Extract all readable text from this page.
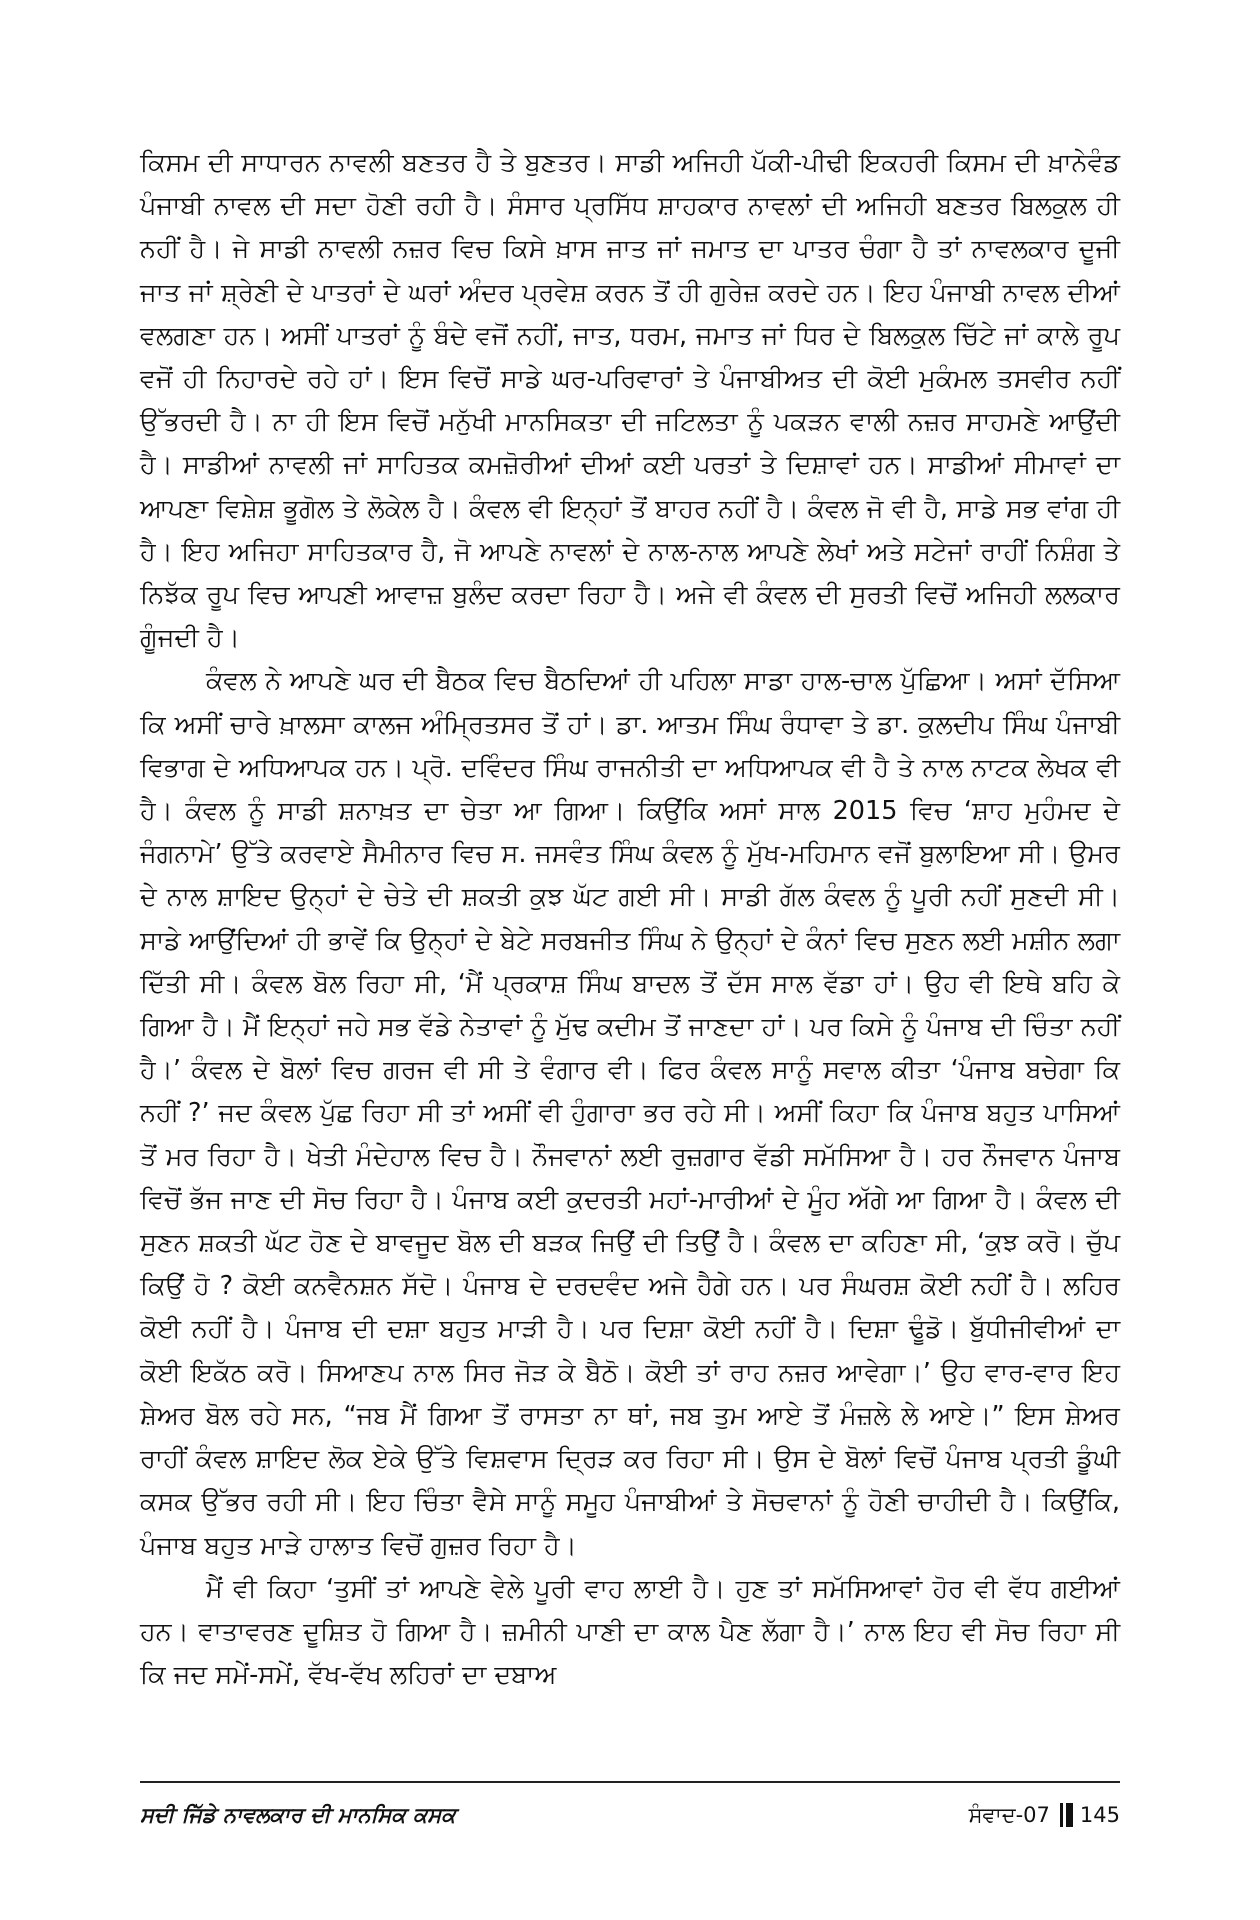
ਕਿਸਮ ਦੀ ਸਾਧਾਰਨ ਨਾਵਲੀ ਬਣਤਰ ਹੈ ਤੇ ਬੁਣਤਰ। ਸਾਡੀ ਅਜਿਹੀ ਪੱਕੀ-ਪੀਢੀ ਇਕਹਰੀ ਕਿਸਮ ਦੀ ਖ਼ਾਨੇਵੰਡ ਪੰਜਾਬੀ ਨਾਵਲ ਦੀ ਸਦਾ ਹੋਣੀ ਰਹੀ ਹੈ। ਸੰਸਾਰ ਪ੍ਰਸਿੱਧ ਸ਼ਾਹਕਾਰ ਨਾਵਲਾਂ ਦੀ ਅਜਿਹੀ ਬਣਤਰ ਬਿਲਕੁਲ ਹੀ ਨਹੀਂ ਹੈ। ਜੇ ਸਾਡੀ ਨਾਵਲੀ ਨਜ਼ਰ ਵਿਚ ਕਿਸੇ ਖ਼ਾਸ ਜਾਤ ਜਾਂ ਜਮਾਤ ਦਾ ਪਾਤਰ ਚੰਗਾ ਹੈ ਤਾਂ ਨਾਵਲਕਾਰ ਦੂਜੀ ਜਾਤ ਜਾਂ ਸ਼੍ਰੇਣੀ ਦੇ ਪਾਤਰਾਂ ਦੇ ਘਰਾਂ ਅੰਦਰ ਪ੍ਰਵੇਸ਼ ਕਰਨ ਤੋਂ ਹੀ ਗੁਰੇਜ਼ ਕਰਦੇ ਹਨ। ਇਹ ਪੰਜਾਬੀ ਨਾਵਲ ਦੀਆਂ ਵਲਗਣਾ ਹਨ। ਅਸੀਂ ਪਾਤਰਾਂ ਨੂੰ ਬੰਦੇ ਵਜੋਂ ਨਹੀਂ, ਜਾਤ, ਧਰਮ, ਜਮਾਤ ਜਾਂ ਧਿਰ ਦੇ ਬਿਲਕੁਲ ਚਿੱਟੇ ਜਾਂ ਕਾਲੇ ਰੂਪ ਵਜੋਂ ਹੀ ਨਿਹਾਰਦੇ ਰਹੇ ਹਾਂ। ਇਸ ਵਿਚੋਂ ਸਾਡੇ ਘਰ-ਪਰਿਵਾਰਾਂ ਤੇ ਪੰਜਾਬੀਅਤ ਦੀ ਕੋਈ ਮੁਕੰਮਲ ਤਸਵੀਰ ਨਹੀਂ ਉੱਭਰਦੀ ਹੈ। ਨਾ ਹੀ ਇਸ ਵਿਚੋਂ ਮਨੁੱਖੀ ਮਾਨਸਿਕਤਾ ਦੀ ਜਟਿਲਤਾ ਨੂੰ ਪਕੜਨ ਵਾਲੀ ਨਜ਼ਰ ਸਾਹਮਣੇ ਆਉਂਦੀ ਹੈ। ਸਾਡੀਆਂ ਨਾਵਲੀ ਜਾਂ ਸਾਹਿਤਕ ਕਮਜ਼ੋਰੀਆਂ ਦੀਆਂ ਕਈ ਪਰਤਾਂ ਤੇ ਦਿਸ਼ਾਵਾਂ ਹਨ। ਸਾਡੀਆਂ ਸੀਮਾਵਾਂ ਦਾ ਆਪਣਾ ਵਿਸ਼ੇਸ਼ ਭੂਗੋਲ ਤੇ ਲੋਕੇਲ ਹੈ। ਕੰਵਲ ਵੀ ਇਨ੍ਹਾਂ ਤੋਂ ਬਾਹਰ ਨਹੀਂ ਹੈ। ਕੰਵਲ ਜੋ ਵੀ ਹੈ, ਸਾਡੇ ਸਭ ਵਾਂਗ ਹੀ ਹੈ। ਇਹ ਅਜਿਹਾ ਸਾਹਿਤਕਾਰ ਹੈ, ਜੋ ਆਪਣੇ ਨਾਵਲਾਂ ਦੇ ਨਾਲ-ਨਾਲ ਆਪਣੇ ਲੇਖਾਂ ਅਤੇ ਸਟੇਜਾਂ ਰਾਹੀਂ ਨਿਸ਼ੰਗ ਤੇ ਨਿਝੱਕ ਰੂਪ ਵਿਚ ਆਪਣੀ ਆਵਾਜ਼ ਬੁਲੰਦ ਕਰਦਾ ਰਿਹਾ ਹੈ। ਅਜੇ ਵੀ ਕੰਵਲ ਦੀ ਸੁਰਤੀ ਵਿਚੋਂ ਅਜਿਹੀ ਲਲਕਾਰ ਗੂੰਜਦੀ ਹੈ।

ਕੰਵਲ ਨੇ ਆਪਣੇ ਘਰ ਦੀ ਬੈਠਕ ਵਿਚ ਬੈਠਦਿਆਂ ਹੀ ਪਹਿਲਾ ਸਾਡਾ ਹਾਲ-ਚਾਲ ਪੁੱਛਿਆ। ਅਸਾਂ ਦੱਸਿਆ ਕਿ ਅਸੀਂ ਚਾਰੇ ਖ਼ਾਲਸਾ ਕਾਲਜ ਅੰਮ੍ਰਿਤਸਰ ਤੋਂ ਹਾਂ। ਡਾ. ਆਤਮ ਸਿੰਘ ਰੰਧਾਵਾ ਤੇ ਡਾ. ਕੁਲਦੀਪ ਸਿੰਘ ਪੰਜਾਬੀ ਵਿਭਾਗ ਦੇ ਅਧਿਆਪਕ ਹਨ। ਪ੍ਰੋ. ਦਵਿੰਦਰ ਸਿੰਘ ਰਾਜਨੀਤੀ ਦਾ ਅਧਿਆਪਕ ਵੀ ਹੈ ਤੇ ਨਾਲ ਨਾਟਕ ਲੇਖਕ ਵੀ ਹੈ। ਕੰਵਲ ਨੂੰ ਸਾਡੀ ਸ਼ਨਾਖ਼ਤ ਦਾ ਚੇਤਾ ਆ ਗਿਆ। ਕਿਉਂਕਿ ਅਸਾਂ ਸਾਲ 2015 ਵਿਚ ‘ਸ਼ਾਹ ਮੁਹੰਮਦ ਦੇ ਜੰਗਨਾਮੇ’ ਉੱਤੇ ਕਰਵਾਏ ਸੈਮੀਨਾਰ ਵਿਚ ਸ. ਜਸਵੰਤ ਸਿੰਘ ਕੰਵਲ ਨੂੰ ਮੁੱਖ-ਮਹਿਮਾਨ ਵਜੋਂ ਬੁਲਾਇਆ ਸੀ। ਉਮਰ ਦੇ ਨਾਲ ਸ਼ਾਇਦ ਉਨ੍ਹਾਂ ਦੇ ਚੇਤੇ ਦੀ ਸ਼ਕਤੀ ਕੁਝ ਘੱਟ ਗਈ ਸੀ। ਸਾਡੀ ਗੱਲ ਕੰਵਲ ਨੂੰ ਪੂਰੀ ਨਹੀਂ ਸੁਣਦੀ ਸੀ। ਸਾਡੇ ਆਉਂਦਿਆਂ ਹੀ ਭਾਵੇਂ ਕਿ ਉਨ੍ਹਾਂ ਦੇ ਬੇਟੇ ਸਰਬਜੀਤ ਸਿੰਘ ਨੇ ਉਨ੍ਹਾਂ ਦੇ ਕੰਨਾਂ ਵਿਚ ਸੁਣਨ ਲਈ ਮਸ਼ੀਨ ਲਗਾ ਦਿੱਤੀ ਸੀ। ਕੰਵਲ ਬੋਲ ਰਿਹਾ ਸੀ, ‘ਮੈਂ ਪ੍ਰਕਾਸ਼ ਸਿੰਘ ਬਾਦਲ ਤੋਂ ਦੱਸ ਸਾਲ ਵੱਡਾ ਹਾਂ। ਉਹ ਵੀ ਇਥੇ ਬਹਿ ਕੇ ਗਿਆ ਹੈ। ਮੈਂ ਇਨ੍ਹਾਂ ਜਹੇ ਸਭ ਵੱਡੇ ਨੇਤਾਵਾਂ ਨੂੰ ਮੁੱਢ ਕਦੀਮ ਤੋਂ ਜਾਣਦਾ ਹਾਂ। ਪਰ ਕਿਸੇ ਨੂੰ ਪੰਜਾਬ ਦੀ ਚਿੰਤਾ ਨਹੀਂ ਹੈ।’ ਕੰਵਲ ਦੇ ਬੋਲਾਂ ਵਿਚ ਗਰਜ ਵੀ ਸੀ ਤੇ ਵੰਗਾਰ ਵੀ। ਫਿਰ ਕੰਵਲ ਸਾਨੂੰ ਸਵਾਲ ਕੀਤਾ ‘ਪੰਜਾਬ ਬਚੇਗਾ ਕਿ ਨਹੀਂ ?’ ਜਦ ਕੰਵਲ ਪੁੱਛ ਰਿਹਾ ਸੀ ਤਾਂ ਅਸੀਂ ਵੀ ਹੁੰਗਾਰਾ ਭਰ ਰਹੇ ਸੀ। ਅਸੀਂ ਕਿਹਾ ਕਿ ਪੰਜਾਬ ਬਹੁਤ ਪਾਸਿਆਂ ਤੋਂ ਮਰ ਰਿਹਾ ਹੈ। ਖੇਤੀ ਮੰਦੇਹਾਲ ਵਿਚ ਹੈ। ਨੌਜਵਾਨਾਂ ਲਈ ਰੁਜ਼ਗਾਰ ਵੱਡੀ ਸਮੱਸਿਆ ਹੈ। ਹਰ ਨੌਜਵਾਨ ਪੰਜਾਬ ਵਿਚੋਂ ਭੱਜ ਜਾਣ ਦੀ ਸੋਚ ਰਿਹਾ ਹੈ। ਪੰਜਾਬ ਕਈ ਕੁਦਰਤੀ ਮਹਾਂ-ਮਾਰੀਆਂ ਦੇ ਮੂੰਹ ਅੱਗੇ ਆ ਗਿਆ ਹੈ। ਕੰਵਲ ਦੀ ਸੁਣਨ ਸ਼ਕਤੀ ਘੱਟ ਹੋਣ ਦੇ ਬਾਵਜੂਦ ਬੋਲ ਦੀ ਬੜਕ ਜਿਉਂ ਦੀ ਤਿਉਂ ਹੈ। ਕੰਵਲ ਦਾ ਕਹਿਣਾ ਸੀ, ‘ਕੁਝ ਕਰੋ। ਚੁੱਪ ਕਿਉਂ ਹੋ ? ਕੋਈ ਕਨਵੈਨਸ਼ਨ ਸੱਦੋ। ਪੰਜਾਬ ਦੇ ਦਰਦਵੰਦ ਅਜੇ ਹੈਗੇ ਹਨ। ਪਰ ਸੰਘਰਸ਼ ਕੋਈ ਨਹੀਂ ਹੈ। ਲਹਿਰ ਕੋਈ ਨਹੀਂ ਹੈ। ਪੰਜਾਬ ਦੀ ਦਸ਼ਾ ਬਹੁਤ ਮਾੜੀ ਹੈ। ਪਰ ਦਿਸ਼ਾ ਕੋਈ ਨਹੀਂ ਹੈ। ਦਿਸ਼ਾ ਢੂੰਡੋ। ਬੁੱਧੀਜੀਵੀਆਂ ਦਾ ਕੋਈ ਇਕੱਠ ਕਰੋ। ਸਿਆਣਪ ਨਾਲ ਸਿਰ ਜੋੜ ਕੇ ਬੈਠੋ। ਕੋਈ ਤਾਂ ਰਾਹ ਨਜ਼ਰ ਆਵੇਗਾ।’ ਉਹ ਵਾਰ-ਵਾਰ ਇਹ ਸ਼ੇਅਰ ਬੋਲ ਰਹੇ ਸਨ, “ਜਬ ਮੈਂ ਗਿਆ ਤੋਂ ਰਾਸਤਾ ਨਾ ਥਾਂ, ਜਬ ਤੁਮ ਆਏ ਤੋਂ ਮੰਜ਼ਲੇ ਲੇ ਆਏ।” ਇਸ ਸ਼ੇਅਰ ਰਾਹੀਂ ਕੰਵਲ ਸ਼ਾਇਦ ਲੋਕ ਏਕੇ ਉੱਤੇ ਵਿਸ਼ਵਾਸ ਦ੍ਰਿੜ ਕਰ ਰਿਹਾ ਸੀ। ਉਸ ਦੇ ਬੋਲਾਂ ਵਿਚੋਂ ਪੰਜਾਬ ਪ੍ਰਤੀ ਡੂੰਘੀ ਕਸਕ ਉੱਭਰ ਰਹੀ ਸੀ। ਇਹ ਚਿੰਤਾ ਵੈਸੇ ਸਾਨੂੰ ਸਮੂਹ ਪੰਜਾਬੀਆਂ ਤੇ ਸੋਚਵਾਨਾਂ ਨੂੰ ਹੋਣੀ ਚਾਹੀਦੀ ਹੈ। ਕਿਉਂਕਿ, ਪੰਜਾਬ ਬਹੁਤ ਮਾੜੇ ਹਾਲਾਤ ਵਿਚੋਂ ਗੁਜ਼ਰ ਰਿਹਾ ਹੈ।

ਮੈਂ ਵੀ ਕਿਹਾ ‘ਤੁਸੀਂ ਤਾਂ ਆਪਣੇ ਵੇਲੇ ਪੂਰੀ ਵਾਹ ਲਾਈ ਹੈ। ਹੁਣ ਤਾਂ ਸਮੱਸਿਆਵਾਂ ਹੋਰ ਵੀ ਵੱਧ ਗਈਆਂ ਹਨ। ਵਾਤਾਵਰਣ ਦੂਸ਼ਿਤ ਹੋ ਗਿਆ ਹੈ। ਜ਼ਮੀਨੀ ਪਾਣੀ ਦਾ ਕਾਲ ਪੈਣ ਲੱਗਾ ਹੈ।’ ਨਾਲ ਇਹ ਵੀ ਸੋਚ ਰਿਹਾ ਸੀ ਕਿ ਜਦ ਸਮੇਂ-ਸਮੇਂ, ਵੱਖ-ਵੱਖ ਲਹਿਰਾਂ ਦਾ ਦਬਾਅ

ਸਦੀ ਜਿੱਡੇ ਨਾਵਲਕਾਰ ਦੀ ਮਾਨਸਿਕ ਕਸਕ	ਸੰਵਾਦ-07 145
